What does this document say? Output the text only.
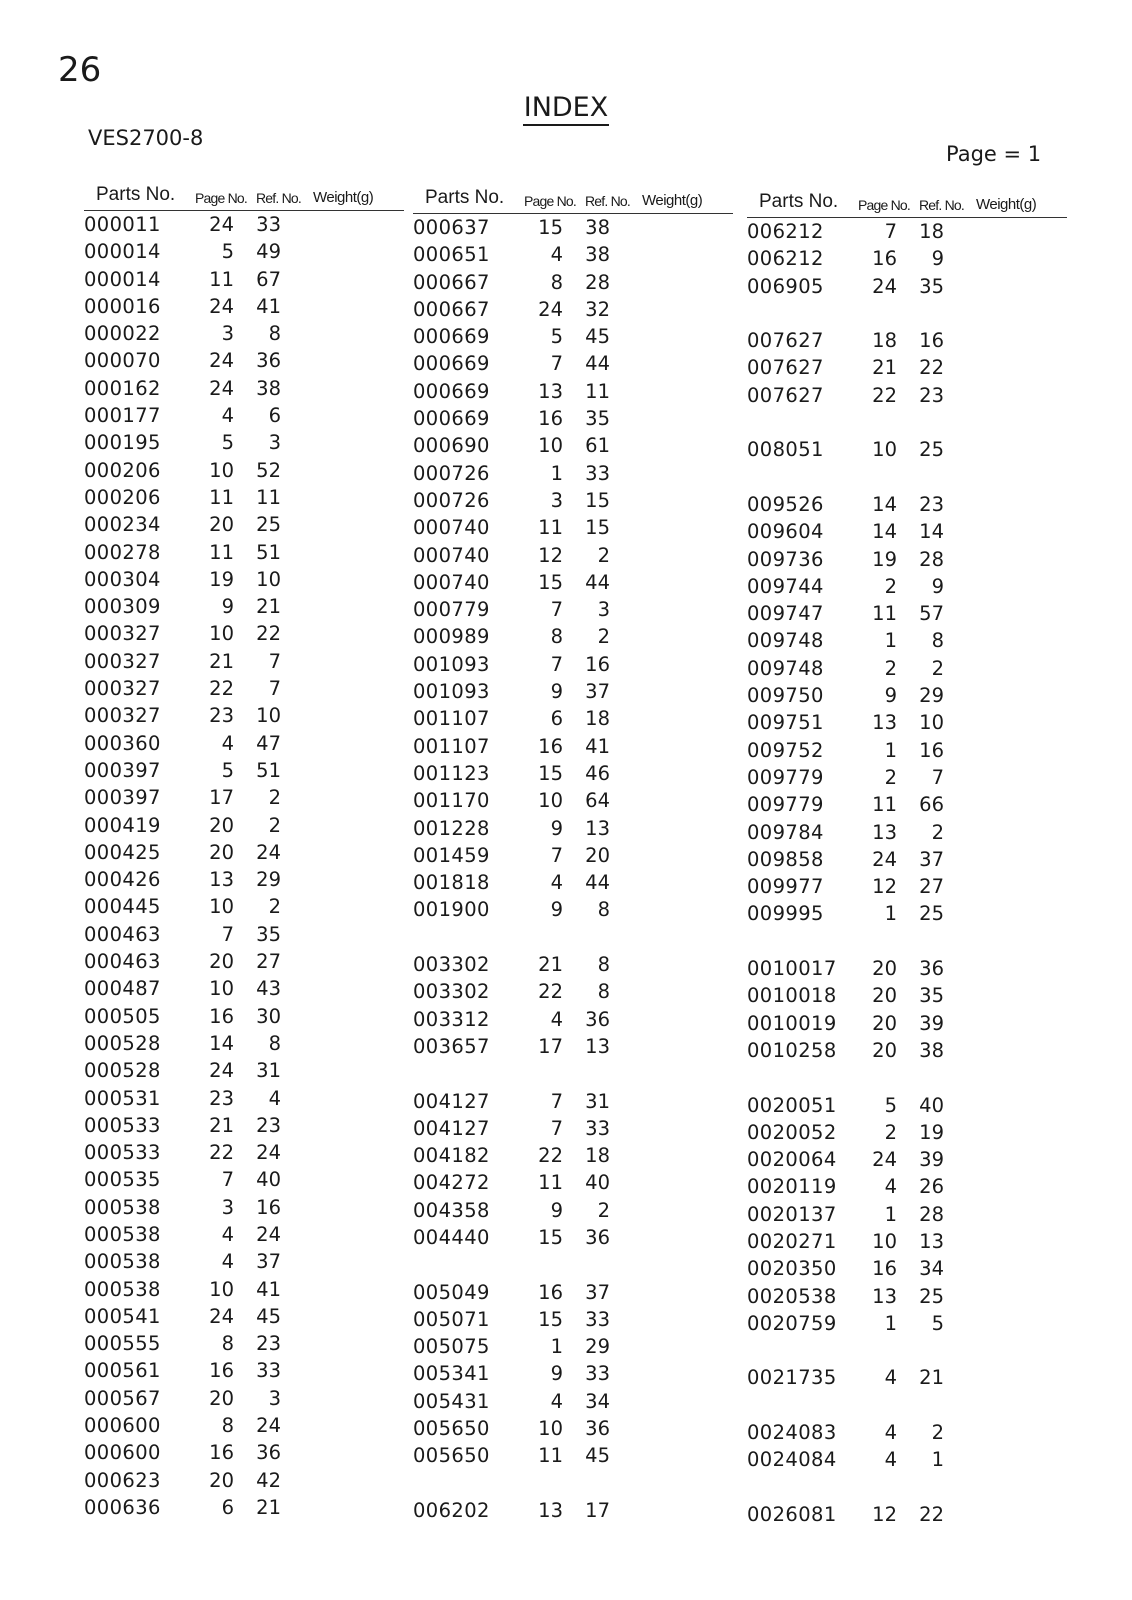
26
INDEX
VES2700-8
Page = 1
Parts No. Page No. Ref. No. Weight(g)
000011	24	33
000014	5	49
000014	11	67
000016	24	41
000022	3	8
000070	24	36
000162	24	38
000177	4	6
000195	5	3
000206	10	52
000206	11	11
000234	20	25
000278	11	51
000304	19	10
000309	9	21
000327	10	22
000327	21	7
000327	22	7
000327	23	10
000360	4	47
000397	5	51
000397	17	2
000419	20	2
000425	20	24
000426	13	29
000445	10	2
000463	7	35
000463	20	27
000487	10	43
000505	16	30
000528	14	8
000528	24	31
000531	23	4
000533	21	23
000533	22	24
000535	7	40
000538	3	16
000538	4	24
000538	4	37
000538	10	41
000541	24	45
000555	8	23
000561	16	33
000567	20	3
000600	8	24
000600	16	36
000623	20	42
000636	6	21
Parts No. Page No. Ref. No. Weight(g)
000637	15	38
000651	4	38
000667	8	28
000667	24	32
000669	5	45
000669	7	44
000669	13	11
000669	16	35
000690	10	61
000726	1	33
000726	3	15
000740	11	15
000740	12	2
000740	15	44
000779	7	3
000989	8	2
001093	7	16
001093	9	37
001107	6	18
001107	16	41
001123	15	46
001170	10	64
001228	9	13
001459	7	20
001818	4	44
001900	9	8
003302	21	8
003302	22	8
003312	4	36
003657	17	13
004127	7	31
004127	7	33
004182	22	18
004272	11	40
004358	9	2
004440	15	36
005049	16	37
005071	15	33
005075	1	29
005341	9	33
005431	4	34
005650	10	36
005650	11	45
006202	13	17
Parts No. Page No. Ref. No. Weight(g)
006212	7	18
006212	16	9
006905	24	35
007627	18	16
007627	21	22
007627	22	23
008051	10	25
009526	14	23
009604	14	14
009736	19	28
009744	2	9
009747	11	57
009748	1	8
009748	2	2
009750	9	29
009751	13	10
009752	1	16
009779	2	7
009779	11	66
009784	13	2
009858	24	37
009977	12	27
009995	1	25
0010017	20	36
0010018	20	35
0010019	20	39
0010258	20	38
0020051	5	40
0020052	2	19
0020064	24	39
0020119	4	26
0020137	1	28
0020271	10	13
0020350	16	34
0020538	13	25
0020759	1	5
0021735	4	21
0024083	4	2
0024084	4	1
0026081	12	22
